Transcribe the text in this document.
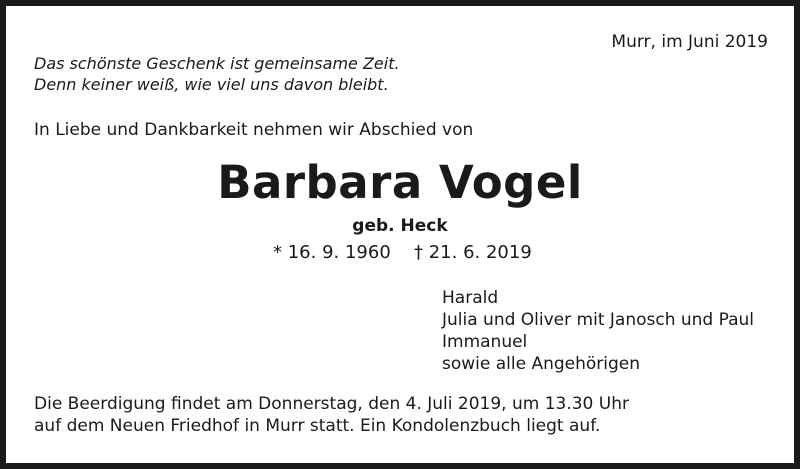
Murr, im Juni 2019
Das schönste Geschenk ist gemeinsame Zeit.
Denn keiner weiß, wie viel uns davon bleibt.
In Liebe und Dankbarkeit nehmen wir Abschied von
Barbara Vogel
geb. Heck
* 16. 9. 1960 † 21. 6. 2019
Harald
Julia und Oliver mit Janosch und Paul
Immanuel
sowie alle Angehörigen
Die Beerdigung findet am Donnerstag, den 4. Juli 2019, um 13.30 Uhr
auf dem Neuen Friedhof in Murr statt. Ein Kondolenzbuch liegt auf.
